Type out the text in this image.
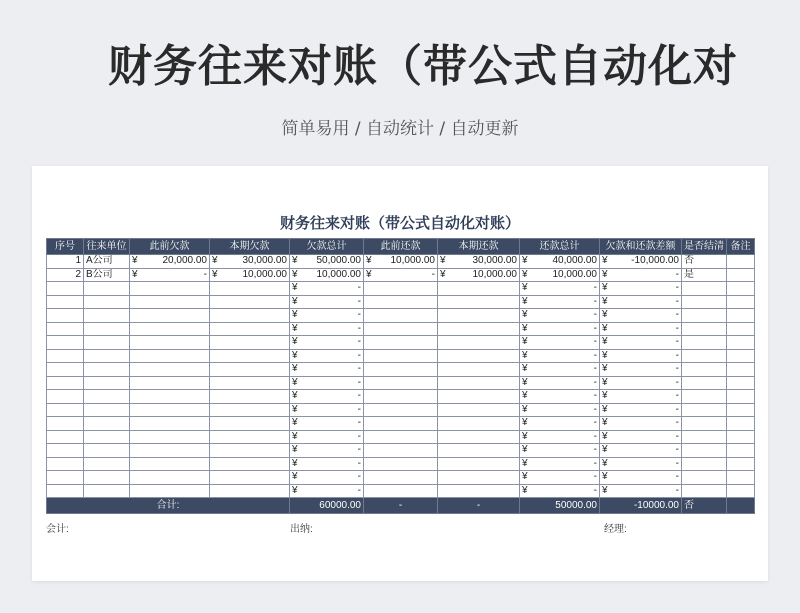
财务往来对账（带公式自动化对
简单易用 / 自动统计 / 自动更新
财务往来对账（带公式自动化对账）
序号	往来单位	此前欠款	本期欠款	欠款总计	此前还款	本期还款	还款总计	欠款和还款差额	是否结清	备注
1	A公司	¥ 20,000.00	¥ 30,000.00	¥ 50,000.00	¥ 10,000.00	¥ 30,000.00	¥ 40,000.00	¥ -10,000.00	否	
2	B公司	¥ -	¥ 10,000.00	¥ 10,000.00	¥ -	¥ 10,000.00	¥ 10,000.00	¥ -	是	

				¥ -			¥ -	¥ -		

				¥ -			¥ -	¥ -		

				¥ -			¥ -	¥ -		

				¥ -			¥ -	¥ -		

				¥ -			¥ -	¥ -		

				¥ -			¥ -	¥ -		

				¥ -			¥ -	¥ -		

				¥ -			¥ -	¥ -		

				¥ -			¥ -	¥ -		

				¥ -			¥ -	¥ -		

				¥ -			¥ -	¥ -		

				¥ -			¥ -	¥ -		

				¥ -			¥ -	¥ -		

				¥ -			¥ -	¥ -		

				¥ -			¥ -	¥ -		

				¥ -			¥ -	¥ -		

合计:				60000.00	-	-	50000.00	-10000.00	否	
会计:	出纳:	经理:
